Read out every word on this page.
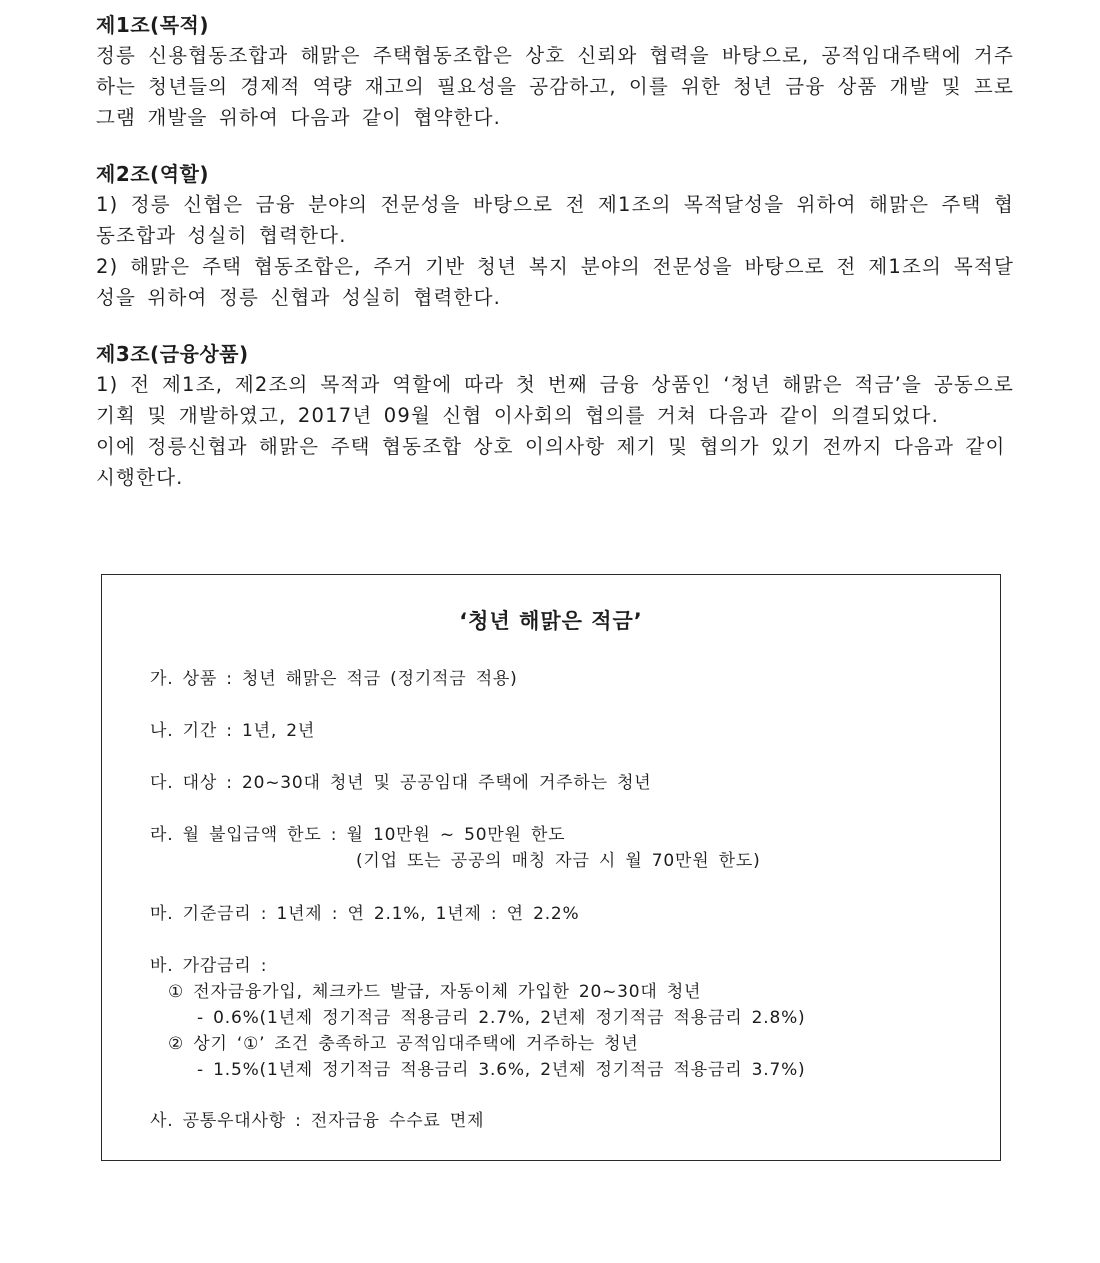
제1조(목적)
정릉 신용협동조합과 해맑은 주택협동조합은 상호 신뢰와 협력을 바탕으로, 공적임대주택에 거주하는 청년들의 경제적 역량 재고의 필요성을 공감하고, 이를 위한 청년 금융 상품 개발 및 프로그램 개발을 위하여 다음과 같이 협약한다.
제2조(역할)
1) 정릉 신협은 금융 분야의 전문성을 바탕으로 전 제1조의 목적달성을 위하여 해맑은 주택 협동조합과 성실히 협력한다.
2) 해맑은 주택 협동조합은, 주거 기반 청년 복지 분야의 전문성을 바탕으로 전 제1조의 목적달성을 위하여 정릉 신협과 성실히 협력한다.
제3조(금융상품)
1) 전 제1조, 제2조의 목적과 역할에 따라 첫 번째 금융 상품인 ‘청년 해맑은 적금’을 공동으로 기획 및 개발하였고, 2017년 09월 신협 이사회의 협의를 거쳐 다음과 같이 의결되었다.
이에 정릉신협과 해맑은 주택 협동조합 상호 이의사항 제기 및 협의가 있기 전까지 다음과 같이 시행한다.
‘청년 해맑은 적금’
가. 상품 : 청년 해맑은 적금 (정기적금 적용)
나. 기간 : 1년, 2년
다. 대상 : 20~30대 청년 및 공공임대 주택에 거주하는 청년
라. 월 불입금액 한도 : 월 10만원 ~ 50만원 한도
(기업 또는 공공의 매칭 자금 시 월 70만원 한도)
마. 기준금리 : 1년제 : 연 2.1%, 1년제 : 연 2.2%
바. 가감금리 :
① 전자금융가입, 체크카드 발급, 자동이체 가입한 20~30대 청년
- 0.6%(1년제 정기적금 적용금리 2.7%, 2년제 정기적금 적용금리 2.8%)
② 상기 ‘①’ 조건 충족하고 공적임대주택에 거주하는 청년
- 1.5%(1년제 정기적금 적용금리 3.6%, 2년제 정기적금 적용금리 3.7%)
사. 공통우대사항 : 전자금융 수수료 면제
